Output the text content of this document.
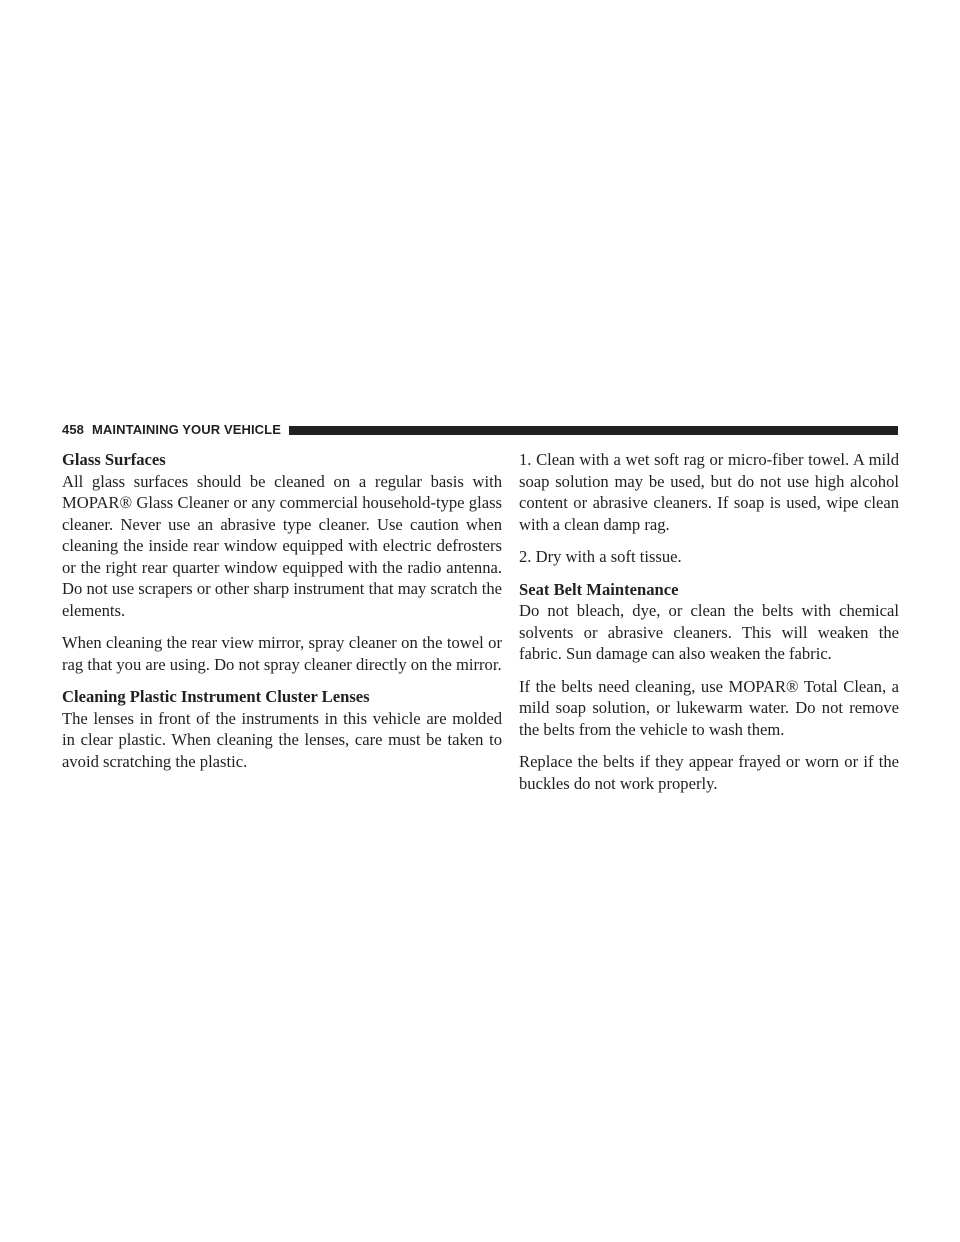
458 MAINTAINING YOUR VEHICLE
Glass Surfaces

All glass surfaces should be cleaned on a regular basis with MOPAR® Glass Cleaner or any commercial household-type glass cleaner. Never use an abrasive type cleaner. Use caution when cleaning the inside rear window equipped with electric defrosters or the right rear quarter window equipped with the radio antenna. Do not use scrapers or other sharp instrument that may scratch the elements.

When cleaning the rear view mirror, spray cleaner on the towel or rag that you are using. Do not spray cleaner directly on the mirror.

Cleaning Plastic Instrument Cluster Lenses

The lenses in front of the instruments in this vehicle are molded in clear plastic. When cleaning the lenses, care must be taken to avoid scratching the plastic.

1. Clean with a wet soft rag or micro-fiber towel. A mild soap solution may be used, but do not use high alcohol content or abrasive cleaners. If soap is used, wipe clean with a clean damp rag.

2. Dry with a soft tissue.

Seat Belt Maintenance

Do not bleach, dye, or clean the belts with chemical solvents or abrasive cleaners. This will weaken the fabric. Sun damage can also weaken the fabric.

If the belts need cleaning, use MOPAR® Total Clean, a mild soap solution, or lukewarm water. Do not remove the belts from the vehicle to wash them.

Replace the belts if they appear frayed or worn or if the buckles do not work properly.
